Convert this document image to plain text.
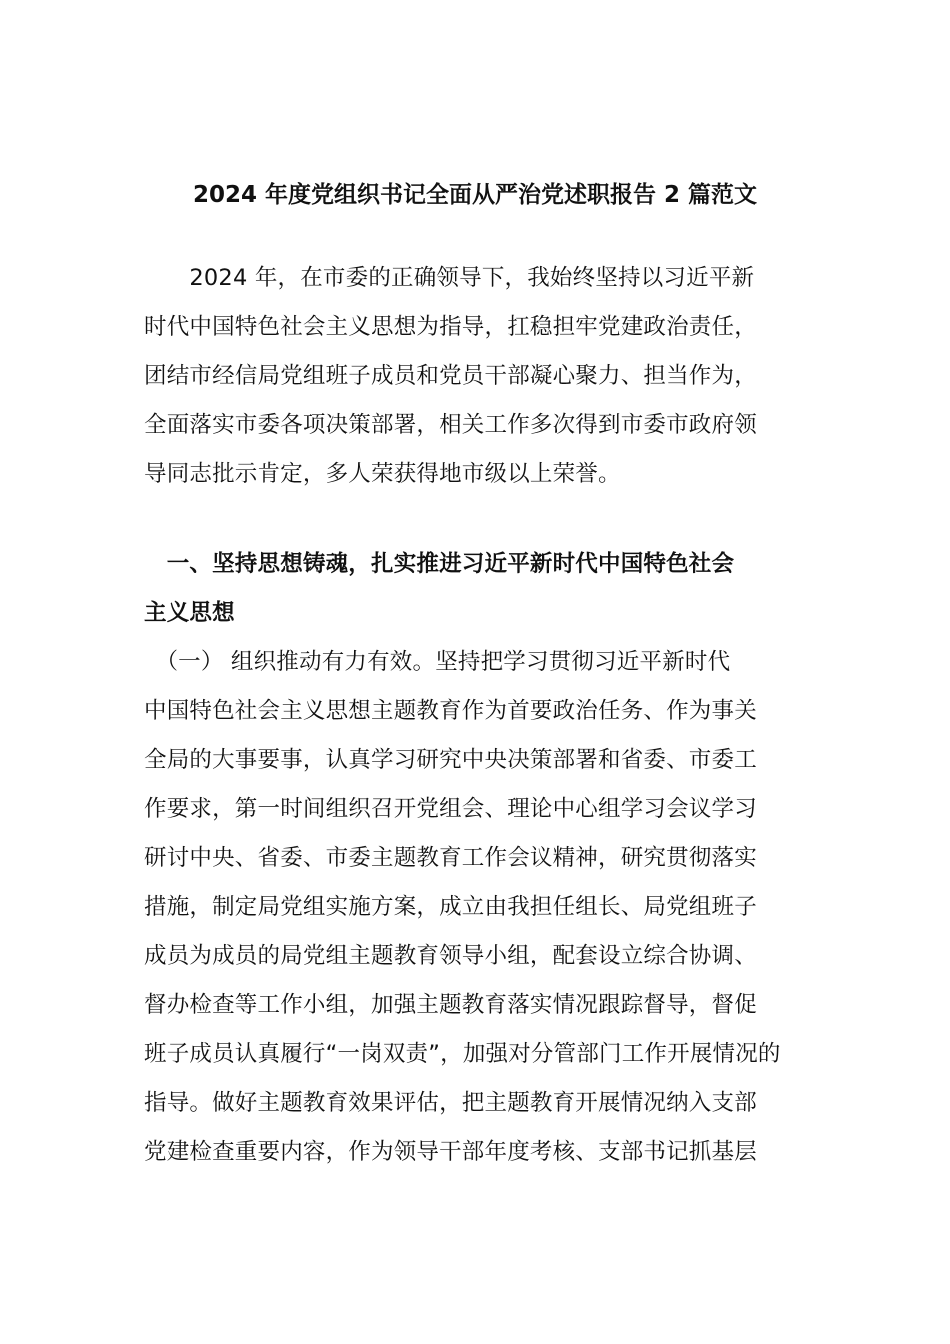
2024 年度党组织书记全面从严治党述职报告 2 篇范文
　　2024 年，在市委的正确领导下，我始终坚持以习近平新
时代中国特色社会主义思想为指导，扛稳担牢党建政治责任，
团结市经信局党组班子成员和党员干部凝心聚力、担当作为，
全面落实市委各项决策部署，相关工作多次得到市委市政府领
导同志批示肯定，多人荣获得地市级以上荣誉。
　一、坚持思想铸魂，扎实推进习近平新时代中国特色社会
主义思想
　（一） 组织推动有力有效。坚持把学习贯彻习近平新时代
中国特色社会主义思想主题教育作为首要政治任务、作为事关
全局的大事要事，认真学习研究中央决策部署和省委、市委工
作要求，第一时间组织召开党组会、理论中心组学习会议学习
研讨中央、省委、市委主题教育工作会议精神，研究贯彻落实
措施，制定局党组实施方案，成立由我担任组长、局党组班子
成员为成员的局党组主题教育领导小组，配套设立综合协调、
督办检查等工作小组，加强主题教育落实情况跟踪督导，督促
班子成员认真履行“一岗双责”，加强对分管部门工作开展情况的
指导。做好主题教育效果评估，把主题教育开展情况纳入支部
党建检查重要内容，作为领导干部年度考核、支部书记抓基层
